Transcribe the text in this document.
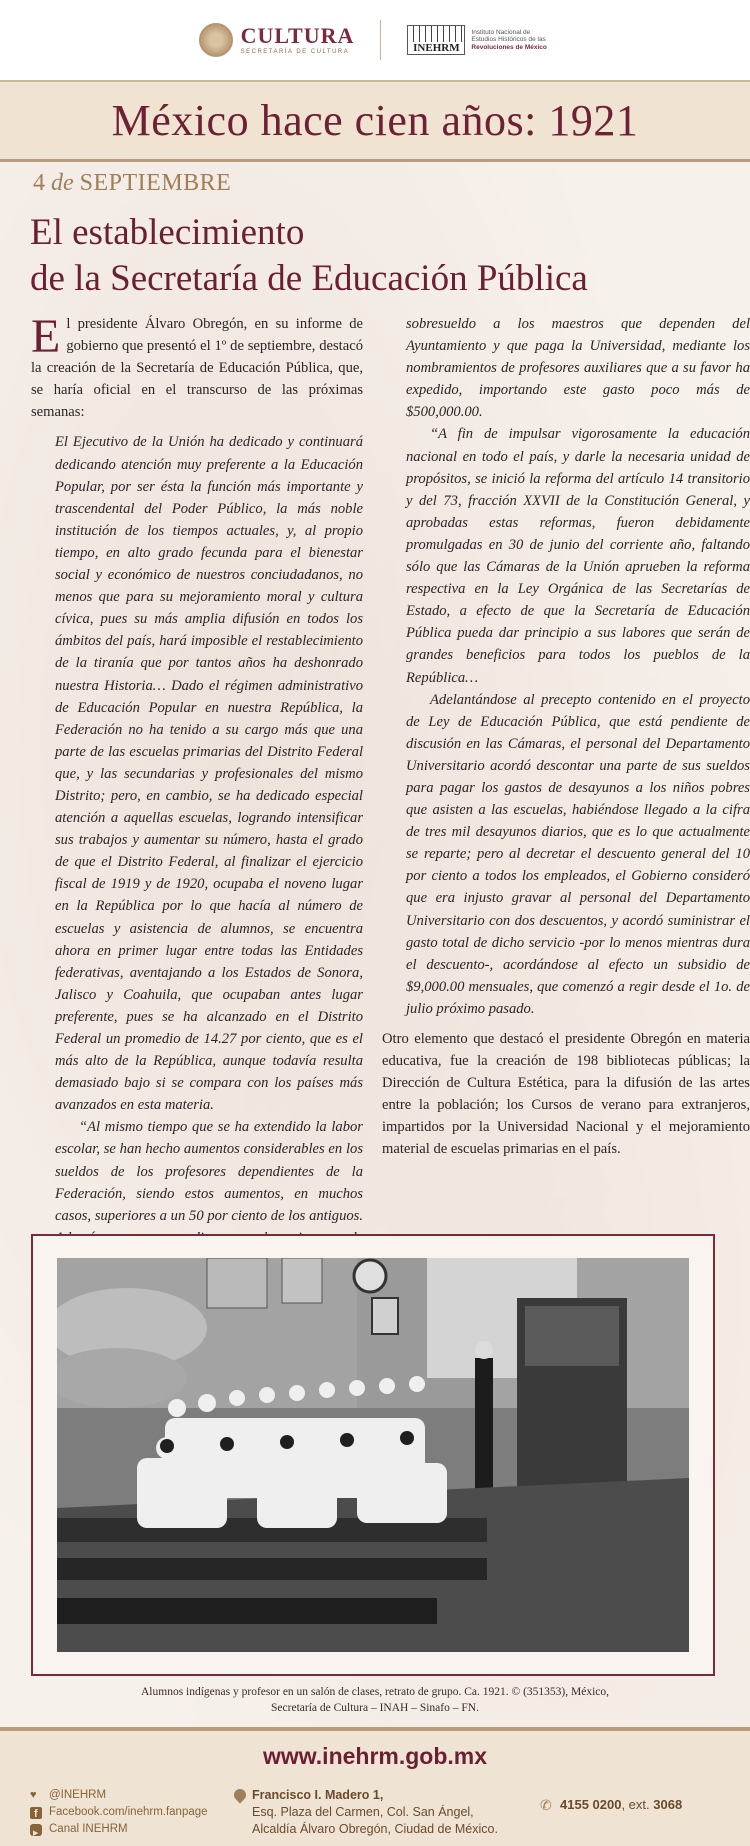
CULTURA
SECRETARÍA DE CULTURA	INEHRM
Instituto Nacional de
Estudios Históricos de las
Revoluciones de México
México hace cien años: 1921
4 de SEPTIEMBRE
El establecimiento
de la Secretaría de Educación Pública

El presidente Álvaro Obregón, en su informe de gobierno que presentó el 1º de septiembre, destacó la creación de la Secretaría de Educación Pública, que, se haría oficial en el transcurso de las próximas semanas:

El Ejecutivo de la Unión ha dedicado y continuará dedicando atención muy preferente a la Educación Popular, por ser ésta la función más importante y trascendental del Poder Público, la más noble institución de los tiempos actuales, y, al propio tiempo, en alto grado fecunda para el bienestar social y económico de nuestros conciudadanos, no menos que para su mejoramiento moral y cultura cívica, pues su más amplia difusión en todos los ámbitos del país, hará imposible el restablecimiento de la tiranía que por tantos años ha deshonrado nuestra Historia… Dado el régimen administrativo de Educación Popular en nuestra República, la Federación no ha tenido a su cargo más que una parte de las escuelas primarias del Distrito Federal que, y las secundarias y profesionales del mismo Distrito; pero, en cambio, se ha dedicado especial atención a aquellas escuelas, logrando intensificar sus trabajos y aumentar su número, hasta el grado de que el Distrito Federal, al finalizar el ejercicio fiscal de 1919 y de 1920, ocupaba el noveno lugar en la República por lo que hacía al número de escuelas y asistencia de alumnos, se encuentra ahora en primer lugar entre todas las Entidades federativas, aventajando a los Estados de Sonora, Jalisco y Coahuila, que ocupaban antes lugar preferente, pues se ha alcanzado en el Distrito Federal un promedio de 14.27 por ciento, que es el más alto de la República, aunque todavía resulta demasiado bajo si se compara con los países más avanzados en esta materia.

“Al mismo tiempo que se ha extendido la labor escolar, se han hecho aumentos considerables en los sueldos de los profesores dependientes de la Federación, siendo estos aumentos, en muchos casos, superiores a un 50 por ciento de los antiguos.

sobresueldo a los maestros que dependen del Ayuntamiento y que paga la Universidad, mediante los nombramientos de profesores auxiliares que a su favor ha expedido, importando este gasto poco más de $500,000.00.

“A fin de impulsar vigorosamente la educación nacional en todo el país, y darle la necesaria unidad de propósitos, se inició la reforma del artículo 14 transitorio y del 73, fracción XXVII de la Constitución General, y aprobadas estas reformas, fueron debidamente promulgadas en 30 de junio del corriente año, faltando sólo que las Cámaras de la Unión aprueben la reforma respectiva en la Ley Orgánica de las Secretarías de Estado, a efecto de que la Secretaría de Educación Pública pueda dar principio a sus labores que serán de grandes beneficios para todos los pueblos de la República…

Adelantándose al precepto contenido en el proyecto de Ley de Educación Pública, que está pendiente de discusión en las Cámaras, el personal del Departamento Universitario acordó descontar una parte de sus sueldos para pagar los gastos de desayunos a los niños pobres que asisten a las escuelas, habiéndose llegado a la cifra de tres mil desayunos diarios, que es lo que actualmente se reparte; pero al decretar el descuento general del 10 por ciento a todos los empleados, el Gobierno consideró que era injusto gravar al personal del Departamento Universitario con dos descuentos, y acordó suministrar el gasto total de dicho servicio -por lo menos mientras dura el descuento-, acordándose al efecto un subsidio de $9,000.00 mensuales, que comenzó a regir desde el 1o. de julio próximo pasado.

Otro elemento que destacó el presidente Obregón en materia educativa, fue la creación de 198 bibliotecas públicas; la Dirección de Cultura Estética, para la difusión de las artes entre la población; los Cursos de verano para extranjeros, impartidos por la Universidad Nacional y el mejoramiento material de escuelas primarias en el país.

Alumnos indígenas y profesor en un salón de clases, retrato de grupo. Ca. 1921. © (351353), México,
Secretaría de Cultura – INAH – Sinafo – FN.
www.inehrm.gob.mx
♥
@INEHRM
f
Facebook.com/inehrm.fanpage
▶
Canal INEHRM
Francisco I. Madero 1,
Esq. Plaza del Carmen, Col. San Ángel,
Alcaldía Álvaro Obregón, Ciudad de México.
✆ 4155 0200, ext. 3068
